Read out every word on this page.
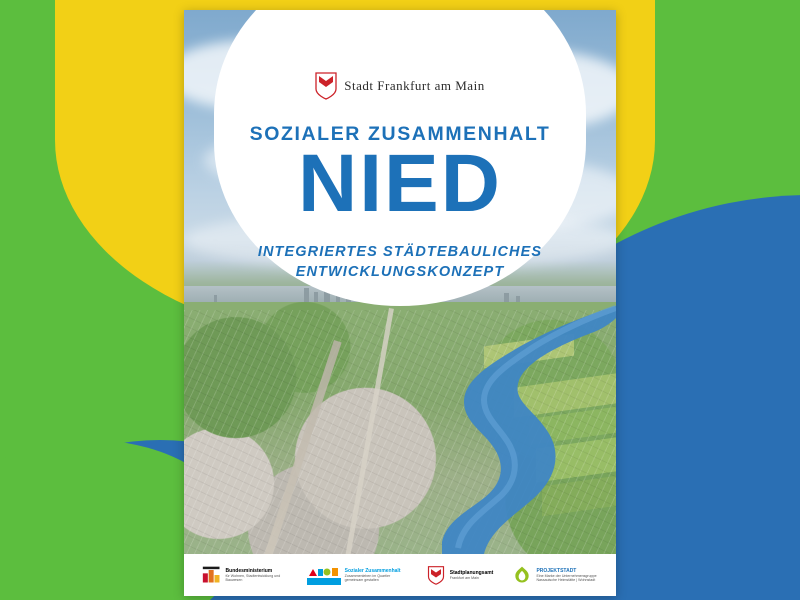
Stadt Frankfurt am Main
SOZIALER ZUSAMMENHALT
NIED
INTEGRIERTES STÄDTEBAULICHES
ENTWICKLUNGSKONZEPT
Bundesministerium
für Wohnen, Stadtentwicklung und Bauwesen
Sozialer Zusammenhalt
Zusammenleben im Quartier gemeinsam gestalten
Stadtplanungsamt
Frankfurt am Main
PROJEKTSTADT
Eine Marke der Unternehmensgruppe Nassauische Heimstätte | Wohnstadt
